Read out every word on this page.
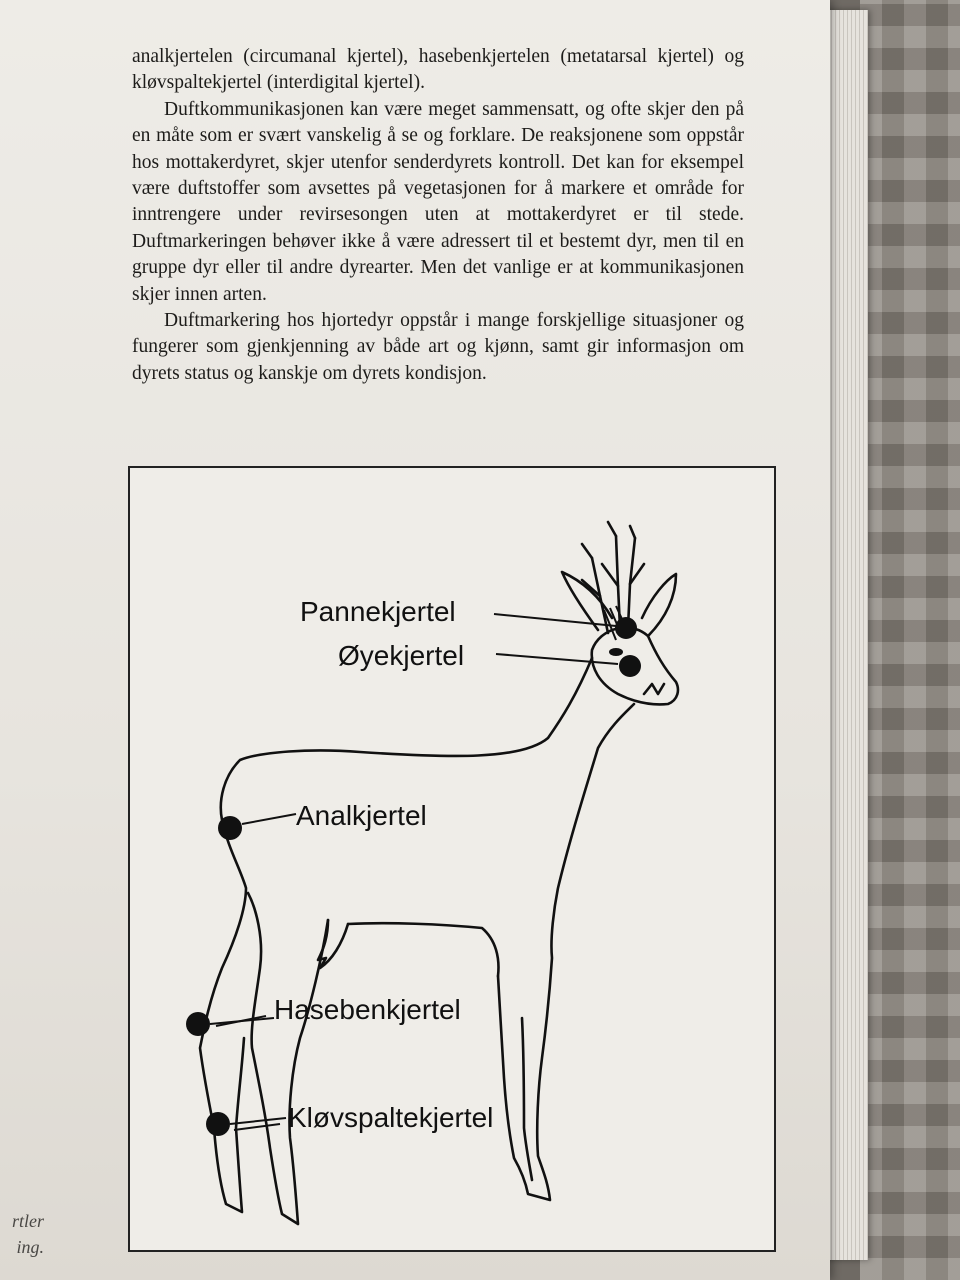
analkjertelen (circumanal kjertel), hasebenkjertelen (metatarsal kjertel) og kløvspaltekjertel (interdigital kjertel).

Duftkommunikasjonen kan være meget sammensatt, og ofte skjer den på en måte som er svært vanskelig å se og forklare. De reaksjonene som oppstår hos mottakerdyret, skjer utenfor senderdyrets kontroll. Det kan for eksempel være duftstoffer som avsettes på vegetasjonen for å markere et område for inntrengere under revirsesongen uten at mottakerdyret er til stede. Duftmarkeringen behøver ikke å være adressert til et bestemt dyr, men til en gruppe dyr eller til andre dyrearter. Men det vanlige er at kommunikasjonen skjer innen arten.

Duftmarkering hos hjortedyr oppstår i mange forskjellige situasjoner og fungerer som gjenkjenning av både art og kjønn, samt gir informasjon om dyrets status og kanskje om dyrets kondisjon.

Pannekjertel
Øyekjertel
Analkjertel
Hasebenkjertel
Kløvspaltekjertel
rtler
ing.
